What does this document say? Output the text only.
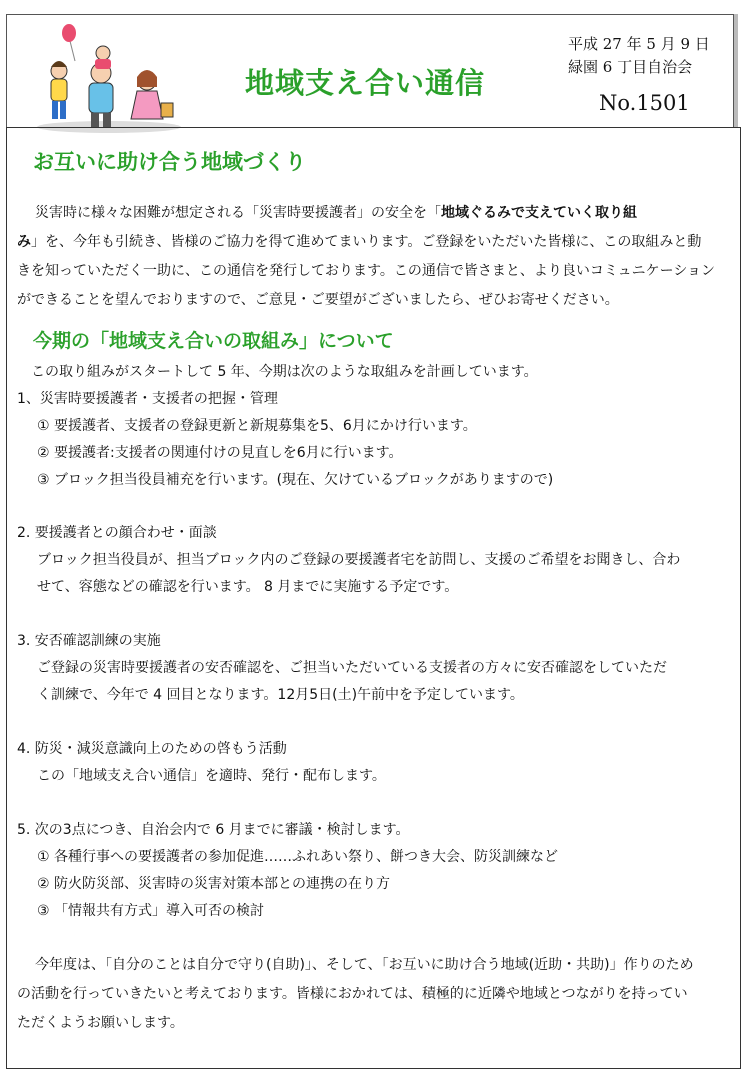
地域支え合い通信
平成 27 年 5 月 9 日
緑園 6 丁目自治会
No.1501
お互いに助け合う地域づくり
災害時に様々な困難が想定される「災害時要援護者」の安全を「地域ぐるみで支えていく取り組
み」を、今年も引続き、皆様のご協力を得て進めてまいります。ご登録をいただいた皆様に、この取組みと動
きを知っていただく一助に、この通信を発行しております。この通信で皆さまと、より良いコミュニケーション
ができることを望んでおりますので、ご意見・ご要望がございましたら、ぜひお寄せください。
今期の「地域支え合いの取組み」について
この取り組みがスタートして 5 年、今期は次のような取組みを計画しています。
1、災害時要援護者・支援者の把握・管理
① 要援護者、支援者の登録更新と新規募集を5、6月にかけ行います。
② 要援護者:支援者の関連付けの見直しを6月に行います。
③ ブロック担当役員補充を行います。(現在、欠けているブロックがありますので)
2. 要援護者との顔合わせ・面談
ブロック担当役員が、担当ブロック内のご登録の要援護者宅を訪問し、支援のご希望をお聞きし、合わ
せて、容態などの確認を行います。 8 月までに実施する予定です。
3. 安否確認訓練の実施
ご登録の災害時要援護者の安否確認を、ご担当いただいている支援者の方々に安否確認をしていただ
く訓練で、今年で 4 回目となります。12月5日(土)午前中を予定しています。
4. 防災・減災意識向上のための啓もう活動
この「地域支え合い通信」を適時、発行・配布します。
5. 次の3点につき、自治会内で 6 月までに審議・検討します。
① 各種行事への要援護者の参加促進……ふれあい祭り、餅つき大会、防災訓練など
② 防火防災部、災害時の災害対策本部との連携の在り方
③ 「情報共有方式」導入可否の検討
今年度は、「自分のことは自分で守り(自助)」、そして、「お互いに助け合う地域(近助・共助)」作りのため
の活動を行っていきたいと考えております。皆様におかれては、積極的に近隣や地域とつながりを持ってい
ただくようお願いします。
